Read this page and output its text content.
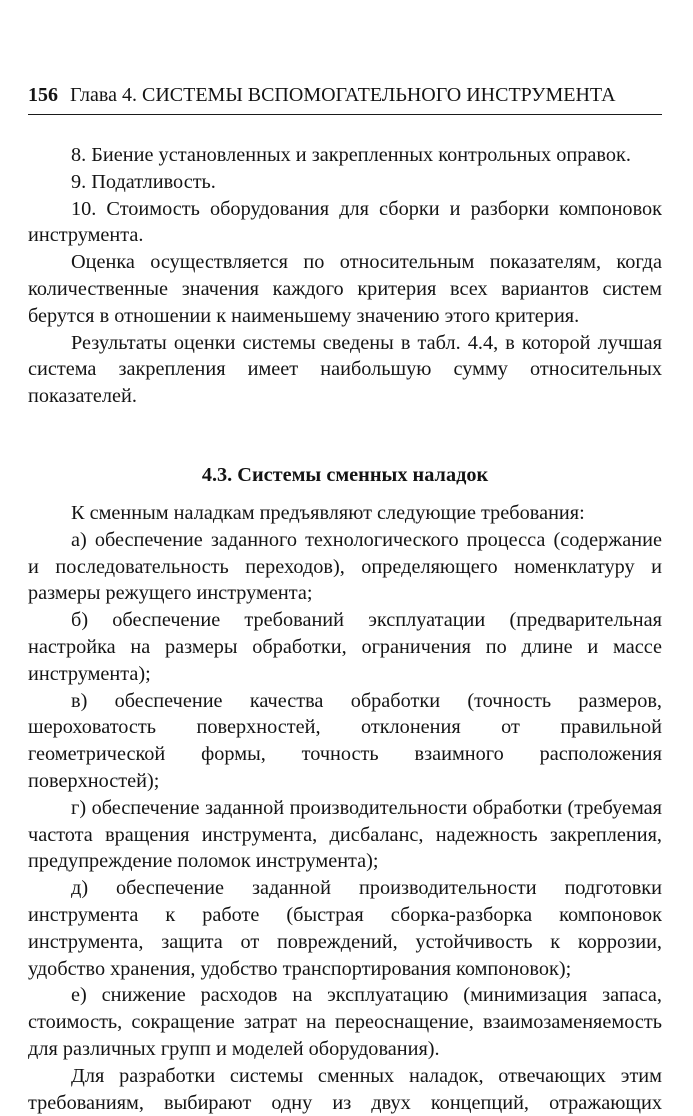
156 Глава 4. СИСТЕМЫ ВСПОМОГАТЕЛЬНОГО ИНСТРУМЕНТА

8. Биение установленных и закрепленных контрольных оправок.

9. Податливость.

10. Стоимость оборудования для сборки и разборки компоновок инструмента.

Оценка осуществляется по относительным показателям, когда количественные значения каждого критерия всех вариантов систем берутся в отношении к наименьшему значению этого критерия.

Результаты оценки системы сведены в табл. 4.4, в которой лучшая система закрепления имеет наибольшую сумму относительных показателей.

4.3. Системы сменных наладок

К сменным наладкам предъявляют следующие требования:

а) обеспечение заданного технологического процесса (содержание и последовательность переходов), определяющего номенклатуру и размеры режущего инструмента;

б) обеспечение требований эксплуатации (предварительная настройка на размеры обработки, ограничения по длине и массе инструмента);

в) обеспечение качества обработки (точность размеров, шероховатость поверхностей, отклонения от правильной геометрической формы, точность взаимного расположения поверхностей);

г) обеспечение заданной производительности обработки (требуемая частота вращения инструмента, дисбаланс, надежность закрепления, предупреждение поломок инструмента);

д) обеспечение заданной производительности подготовки инструмента к работе (быстрая сборка-разборка компоновок инструмента, защита от повреждений, устойчивость к коррозии, удобство хранения, удобство транспортирования компоновок);

е) снижение расходов на эксплуатацию (минимизация запаса, стоимость, сокращение затрат на переоснащение, взаимозаменяемость для различных групп и моделей оборудования).

Для разработки системы сменных наладок, отвечающих этим требованиям, выбирают одну из двух концепций, отражающих
